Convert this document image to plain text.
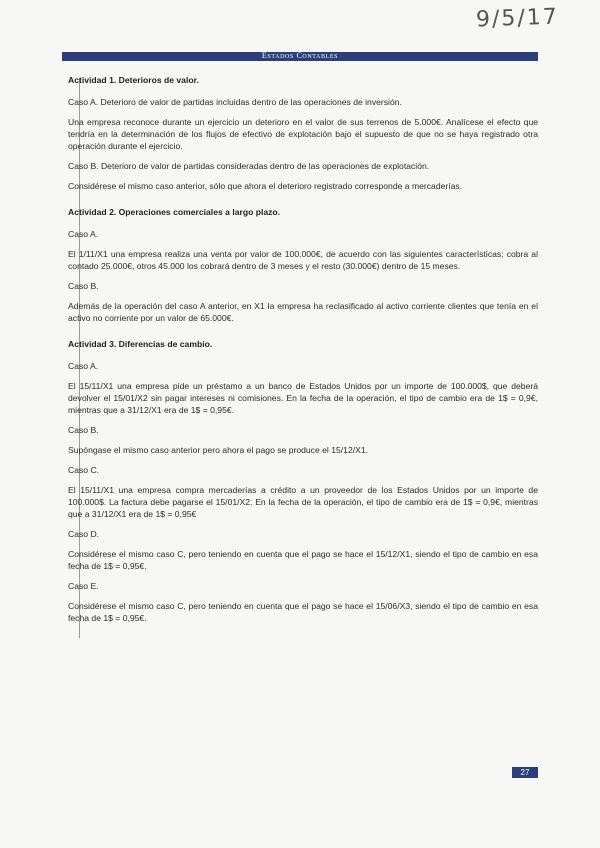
9/5/17
Estados Contables

Actividad 1. Deterioros de valor.

Caso A. Deterioro de valor de partidas incluidas dentro de las operaciones de inversión.

Una empresa reconoce durante un ejercicio un deterioro en el valor de sus terrenos de 5.000€. Analícese el efecto que tendría en la determinación de los flujos de efectivo de explotación bajo el supuesto de que no se haya registrado otra operación durante el ejercicio.

Caso B. Deterioro de valor de partidas consideradas dentro de las operaciones de explotación.

Considérese el mismo caso anterior, sólo que ahora el deterioro registrado corresponde a mercaderías.

Actividad 2. Operaciones comerciales a largo plazo.

Caso A.

El 1/11/X1 una empresa realiza una venta por valor de 100.000€, de acuerdo con las siguientes características: cobra al contado 25.000€, otros 45.000 los cobrará dentro de 3 meses y el resto (30.000€) dentro de 15 meses.

Caso B.

Además de la operación del caso A anterior, en X1 la empresa ha reclasificado al activo corriente clientes que tenía en el activo no corriente por un valor de 65.000€.

Actividad 3. Diferencias de cambio.

Caso A.

El 15/11/X1 una empresa pide un préstamo a un banco de Estados Unidos por un importe de 100.000$, que deberá devolver el 15/01/X2 sin pagar intereses ni comisiones. En la fecha de la operación, el tipo de cambio era de 1$ = 0,9€, mientras que a 31/12/X1 era de 1$ = 0,95€.

Caso B.

Supóngase el mismo caso anterior pero ahora el pago se produce el 15/12/X1.

Caso C.

El 15/11/X1 una empresa compra mercaderías a crédito a un proveedor de los Estados Unidos por un importe de 100.000$. La factura debe pagarse el 15/01/X2. En la fecha de la operación, el tipo de cambio era de 1$ = 0,9€, mientras que a 31/12/X1 era de 1$ = 0,95€

Caso D.

Considérese el mismo caso C, pero teniendo en cuenta que el pago se hace el 15/12/X1, siendo el tipo de cambio en esa fecha de 1$ = 0,95€.

Caso E.

Considérese el mismo caso C, pero teniendo en cuenta que el pago se hace el 15/06/X3, siendo el tipo de cambio en esa fecha de 1$ = 0,95€.

27
